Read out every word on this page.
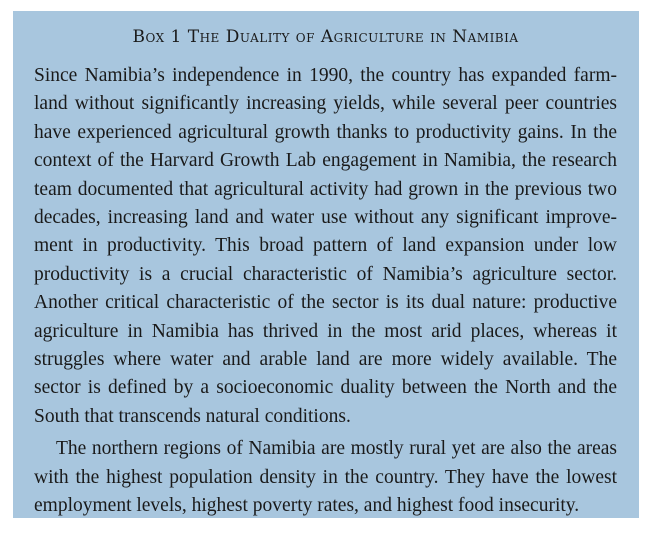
Box 1 The Duality of Agriculture in Namibia

Since Namibia’s independence in 1990, the country has expanded farmland without significantly increasing yields, while several peer countries have experienced agricultural growth thanks to productivity gains. In the context of the Harvard Growth Lab engagement in Namibia, the research team documented that agricultural activity had grown in the previous two decades, increasing land and water use without any significant improvement in productivity. This broad pattern of land expansion under low productivity is a crucial characteristic of Namibia’s agriculture sector. Another critical characteristic of the sector is its dual nature: productive agriculture in Namibia has thrived in the most arid places, whereas it struggles where water and arable land are more widely available. The sector is defined by a socioeconomic duality between the North and the South that transcends natural conditions.

The northern regions of Namibia are mostly rural yet are also the areas with the highest population density in the country. They have the lowest employment levels, highest poverty rates, and highest food insecurity.
